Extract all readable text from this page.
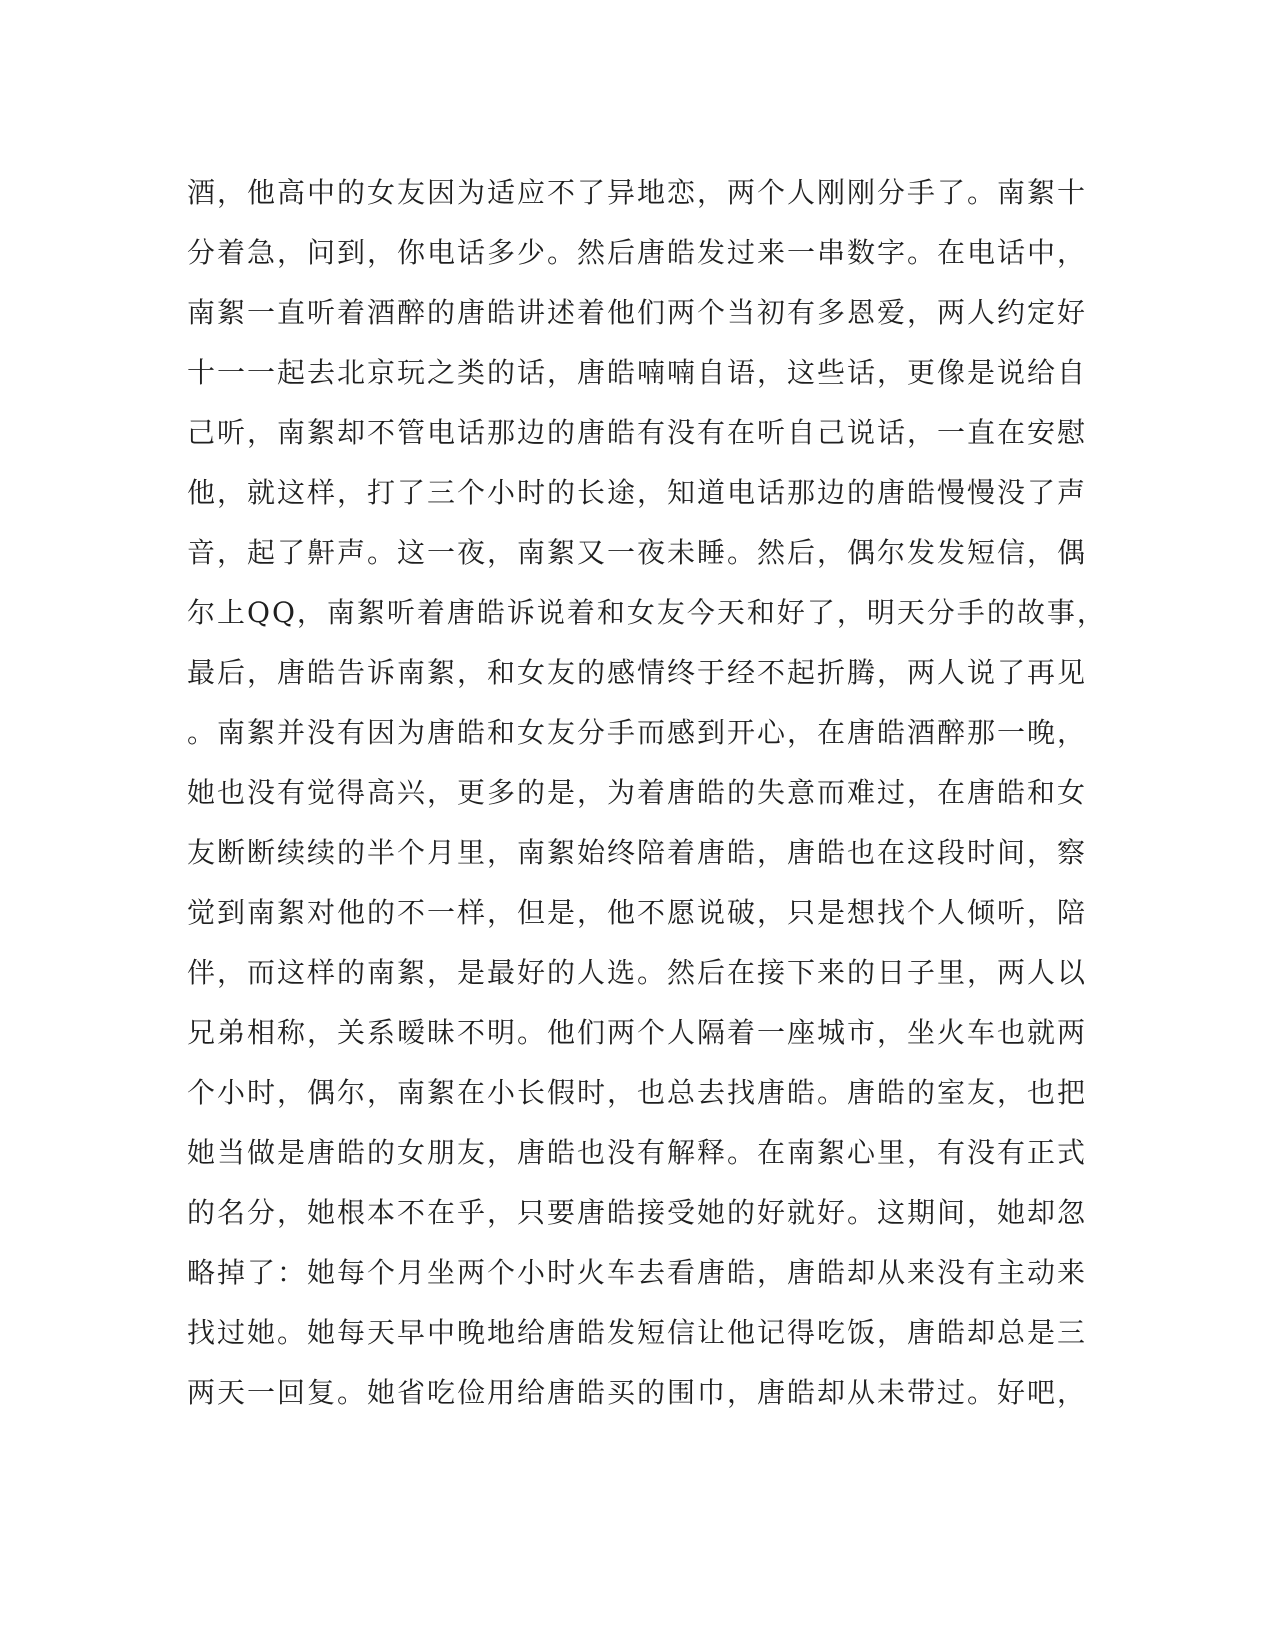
酒，他高中的女友因为适应不了异地恋，两个人刚刚分手了。南絮十
分着急，问到，你电话多少。然后唐皓发过来一串数字。在电话中，
南絮一直听着酒醉的唐皓讲述着他们两个当初有多恩爱，两人约定好
十一一起去北京玩之类的话，唐皓喃喃自语，这些话，更像是说给自
己听，南絮却不管电话那边的唐皓有没有在听自己说话，一直在安慰
他，就这样，打了三个小时的长途，知道电话那边的唐皓慢慢没了声
音，起了鼾声。这一夜，南絮又一夜未睡。然后，偶尔发发短信，偶
尔上QQ，南絮听着唐皓诉说着和女友今天和好了，明天分手的故事，
最后，唐皓告诉南絮，和女友的感情终于经不起折腾，两人说了再见
。南絮并没有因为唐皓和女友分手而感到开心，在唐皓酒醉那一晚，
她也没有觉得高兴，更多的是，为着唐皓的失意而难过，在唐皓和女
友断断续续的半个月里，南絮始终陪着唐皓，唐皓也在这段时间，察
觉到南絮对他的不一样，但是，他不愿说破，只是想找个人倾听，陪
伴，而这样的南絮，是最好的人选。然后在接下来的日子里，两人以
兄弟相称，关系暧昧不明。他们两个人隔着一座城市，坐火车也就两
个小时，偶尔，南絮在小长假时，也总去找唐皓。唐皓的室友，也把
她当做是唐皓的女朋友，唐皓也没有解释。在南絮心里，有没有正式
的名分，她根本不在乎，只要唐皓接受她的好就好。这期间，她却忽
略掉了：她每个月坐两个小时火车去看唐皓，唐皓却从来没有主动来
找过她。她每天早中晚地给唐皓发短信让他记得吃饭，唐皓却总是三
两天一回复。她省吃俭用给唐皓买的围巾，唐皓却从未带过。好吧，
